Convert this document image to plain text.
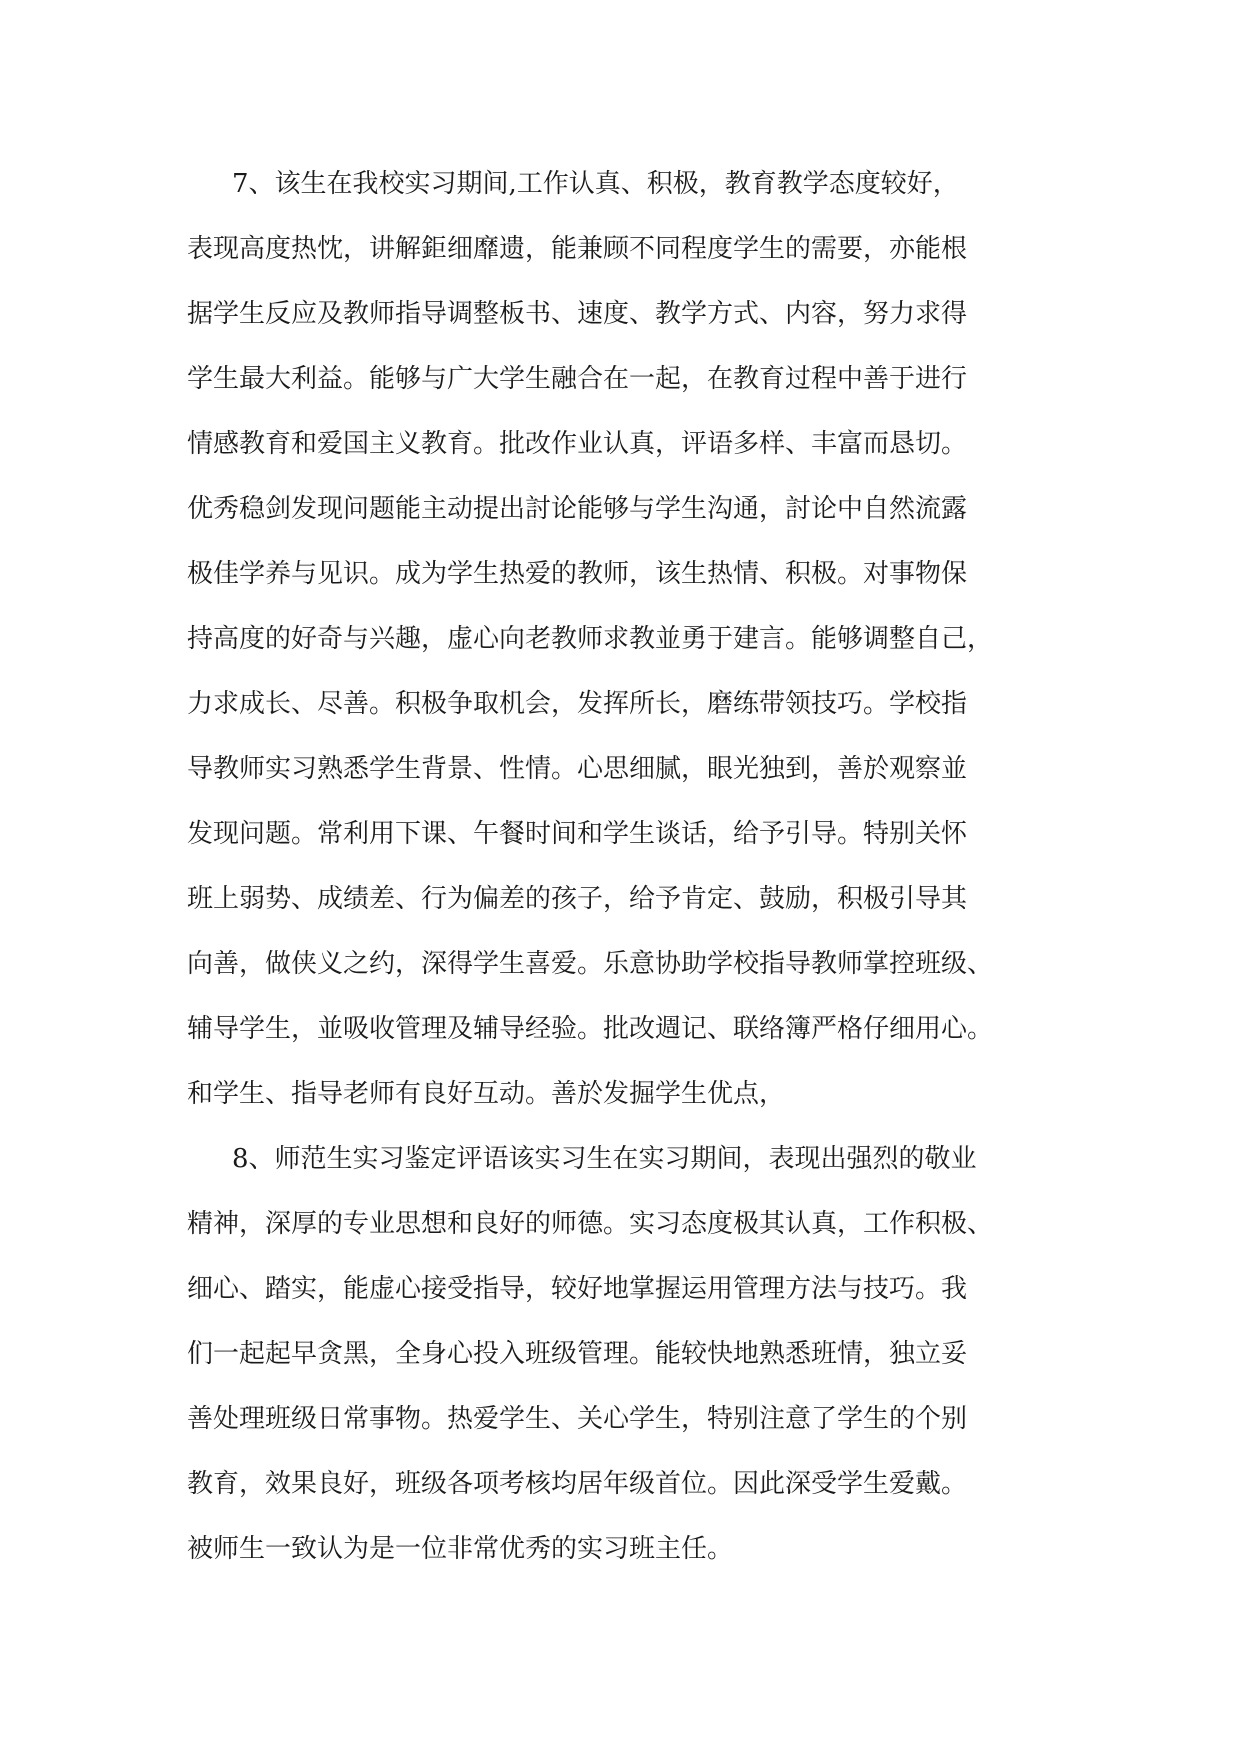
7、该生在我校实习期间,工作认真、积极，教育教学态度较好，
表现高度热忱，讲解鉅细靡遗，能兼顾不同程度学生的需要，亦能根
据学生反应及教师指导调整板书、速度、教学方式、内容，努力求得
学生最大利益。能够与广大学生融合在一起，在教育过程中善于进行
情感教育和爱国主义教育。批改作业认真，评语多样、丰富而恳切。
优秀稳剑发现问题能主动提出討论能够与学生沟通，討论中自然流露
极佳学养与见识。成为学生热爱的教师，该生热情、积极。对事物保
持高度的好奇与兴趣，虚心向老教师求教並勇于建言。能够调整自己，
力求成长、尽善。积极争取机会，发挥所长，磨练带领技巧。学校指
导教师实习熟悉学生背景、性情。心思细腻，眼光独到，善於观察並
发现问题。常利用下课、午餐时间和学生谈话，给予引导。特别关怀
班上弱势、成绩差、行为偏差的孩子，给予肯定、鼓励，积极引导其
向善，做侠义之约，深得学生喜爱。乐意协助学校指导教师掌控班级、
辅导学生，並吸收管理及辅导经验。批改週记、联络簿严格仔细用心。
和学生、指导老师有良好互动。善於发掘学生优点，
8、师范生实习鉴定评语该实习生在实习期间，表现出强烈的敬业
精神，深厚的专业思想和良好的师德。实习态度极其认真，工作积极、
细心、踏实，能虚心接受指导，较好地掌握运用管理方法与技巧。我
们一起起早贪黑，全身心投入班级管理。能较快地熟悉班情，独立妥
善处理班级日常事物。热爱学生、关心学生，特别注意了学生的个别
教育，效果良好，班级各项考核均居年级首位。因此深受学生爱戴。
被师生一致认为是一位非常优秀的实习班主任。
